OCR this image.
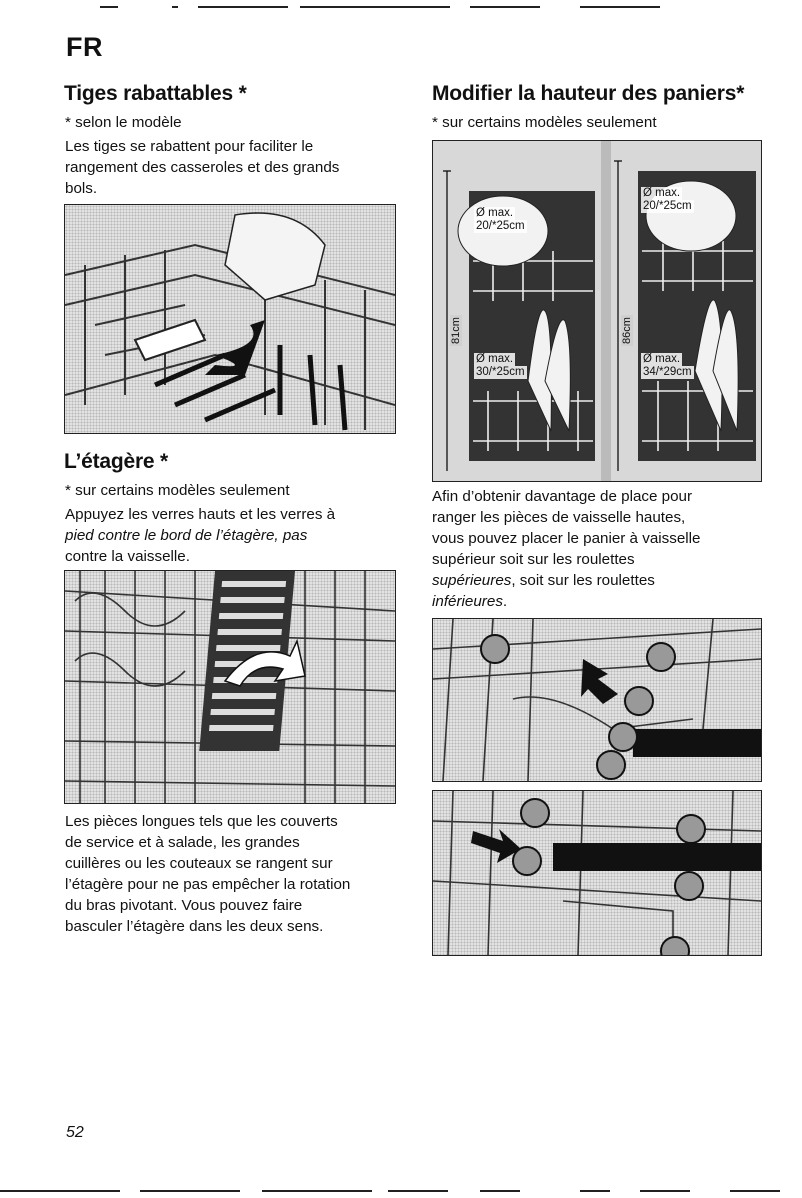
FR
Tiges rabattables *

* selon le modèle

Les tiges se rabattent pour faciliter le

rangement des casseroles et des grands

bols.

L’étagère *

* sur certains modèles seulement

Appuyez les verres hauts et les verres à

pied contre le bord de l’étagère, pas

contre la vaisselle.

Les pièces longues tels que les couverts

de service et à salade, les grandes

cuillères ou les couteaux se rangent sur

l’étagère pour ne pas empêcher la rotation

du bras pivotant. Vous pouvez faire

basculer l’étagère dans les deux sens.

Modifier la hauteur des paniers*

* sur certains modèles seulement

Ø max.
20/*25cm
Ø max.
30/*25cm
Ø max.
20/*25cm
Ø max.
34/*29cm
81cm	86cm

Afin d’obtenir davantage de place pour

ranger les pièces de vaisselle hautes,

vous pouvez placer le panier à vaisselle

supérieur soit sur les roulettes

supérieures, soit sur les roulettes

inférieures.

52
